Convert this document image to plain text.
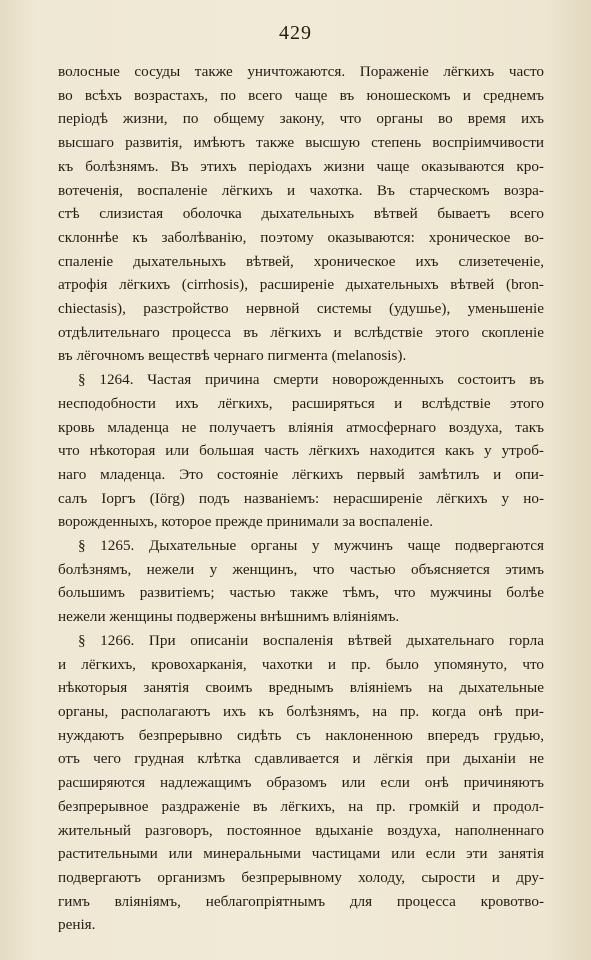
429
волосные сосуды также уничтожаются. Пораженiе лёгкихъ часто
во всѣхъ возрастахъ, по всего чаще въ юношескомъ и среднемъ
перiодѣ жизни, по общему закону, что органы во время ихъ
высшаго развитiя, имѣютъ также высшую степень воспрiимчивости
къ болѣзнямъ. Въ этихъ перiодахъ жизни чаще оказываются кро-
вотеченiя, воспаленiе лёгкихъ и чахотка. Въ старческомъ возра-
стѣ слизистая оболочка дыхательныхъ вѣтвей бываетъ всего
склоннѣе къ заболѣванiю, поэтому оказываются: хроническое во-
спаленiе дыхательныхъ вѣтвей, хроническое ихъ слизетеченiе,
атрофiя лёгкихъ (cirrhosis), расширенiе дыхательныхъ вѣтвей (bron-
chiectasis), разстройство нервной системы (удушье), уменьшенiе
отдѣлительнаго процесса въ лёгкихъ и вслѣдствiе этого скопленiе
въ лёгочномъ веществѣ чернаго пигмента (melanosis).
§ 1264. Частая причина смерти новорожденныхъ состоитъ въ
несподобности ихъ лёгкихъ, расширяться и вслѣдствiе этого
кровь младенца не получаетъ влiянiя атмосфернаго воздуха, такъ
что нѣкоторая или большая часть лёгкихъ находится какъ у утроб-
наго младенца. Это состоянiе лёгкихъ первый замѣтилъ и опи-
салъ Iоргъ (Iörg) подъ названiемъ: нерасширенiе лёгкихъ у но-
ворожденныхъ, которое прежде принимали за воспаленiе.
§ 1265. Дыхательные органы у мужчинъ чаще подвергаются
болѣзнямъ, нежели у женщинъ, что частью объясняется этимъ
большимъ развитiемъ; частью также тѣмъ, что мужчины болѣе
нежели женщины подвержены внѣшнимъ влiянiямъ.
§ 1266. При описанiи воспаленiя вѣтвей дыхательнаго горла
и лёгкихъ, кровохарканiя, чахотки и пр. было упомянуто, что
нѣкоторыя занятiя своимъ вреднымъ влiянiемъ на дыхательные
органы, располагаютъ ихъ къ болѣзнямъ, на пр. когда онѣ при-
нуждаютъ безпрерывно сидѣть съ наклоненною впередъ грудью,
отъ чего грудная клѣтка сдавливается и лёгкiя при дыханiи не
расширяются надлежащимъ образомъ или если онѣ причиняютъ
безпрерывное раздраженiе въ лёгкихъ, на пр. громкiй и продол-
жительный разговоръ, постоянное вдыханiе воздуха, наполненнаго
растительными или минеральными частицами или если эти занятiя
подвергаютъ организмъ безпрерывному холоду, сырости и дру-
гимъ влiянiямъ, неблагопрiятнымъ для процесса кровотво-
ренiя.
